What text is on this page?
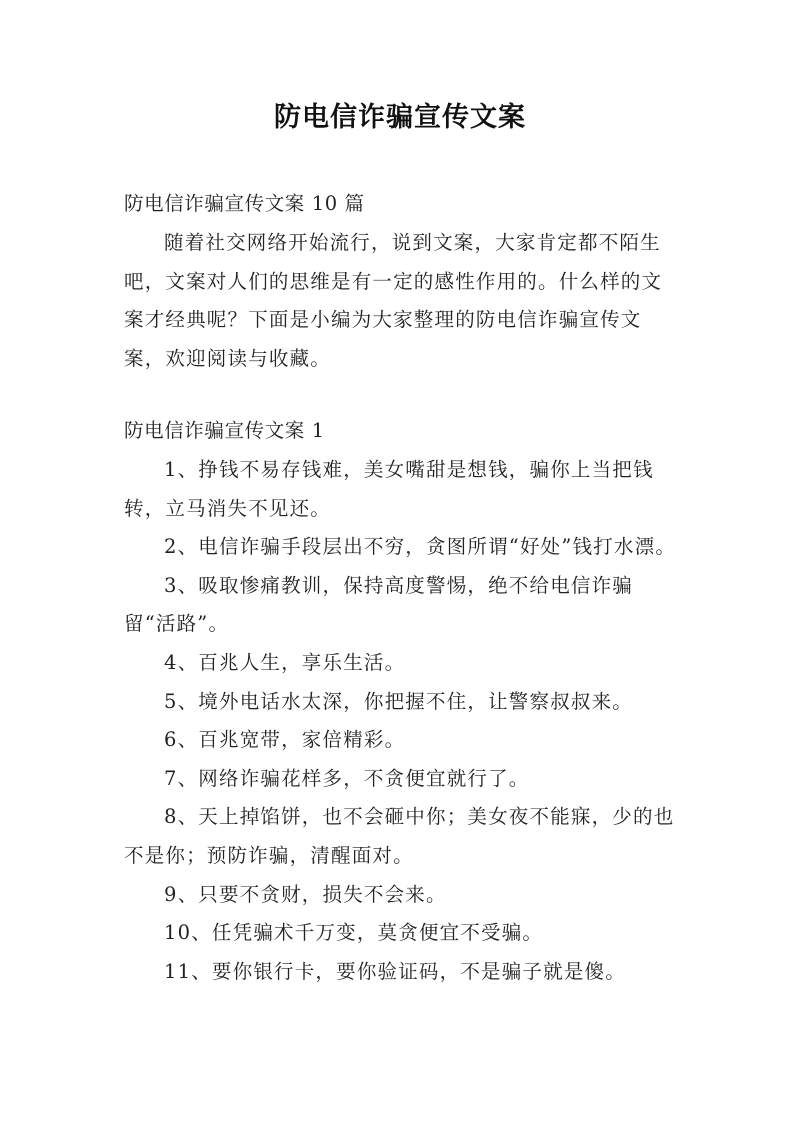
防电信诈骗宣传文案
防电信诈骗宣传文案 10 篇

随着社交网络开始流行，说到文案，大家肯定都不陌生吧，文案对人们的思维是有一定的感性作用的。什么样的文案才经典呢？下面是小编为大家整理的防电信诈骗宣传文案，欢迎阅读与收藏。

防电信诈骗宣传文案 1

1、挣钱不易存钱难，美女嘴甜是想钱，骗你上当把钱转，立马消失不见还。

2、电信诈骗手段层出不穷，贪图所谓“好处”钱打水漂。

3、吸取惨痛教训，保持高度警惕，绝不给电信诈骗留“活路”。

4、百兆人生，享乐生活。

5、境外电话水太深，你把握不住，让警察叔叔来。

6、百兆宽带，家倍精彩。

7、网络诈骗花样多，不贪便宜就行了。

8、天上掉馅饼，也不会砸中你；美女夜不能寐，少的也不是你；预防诈骗，清醒面对。

9、只要不贪财，损失不会来。

10、任凭骗术千万变，莫贪便宜不受骗。

11、要你银行卡，要你验证码，不是骗子就是傻。
